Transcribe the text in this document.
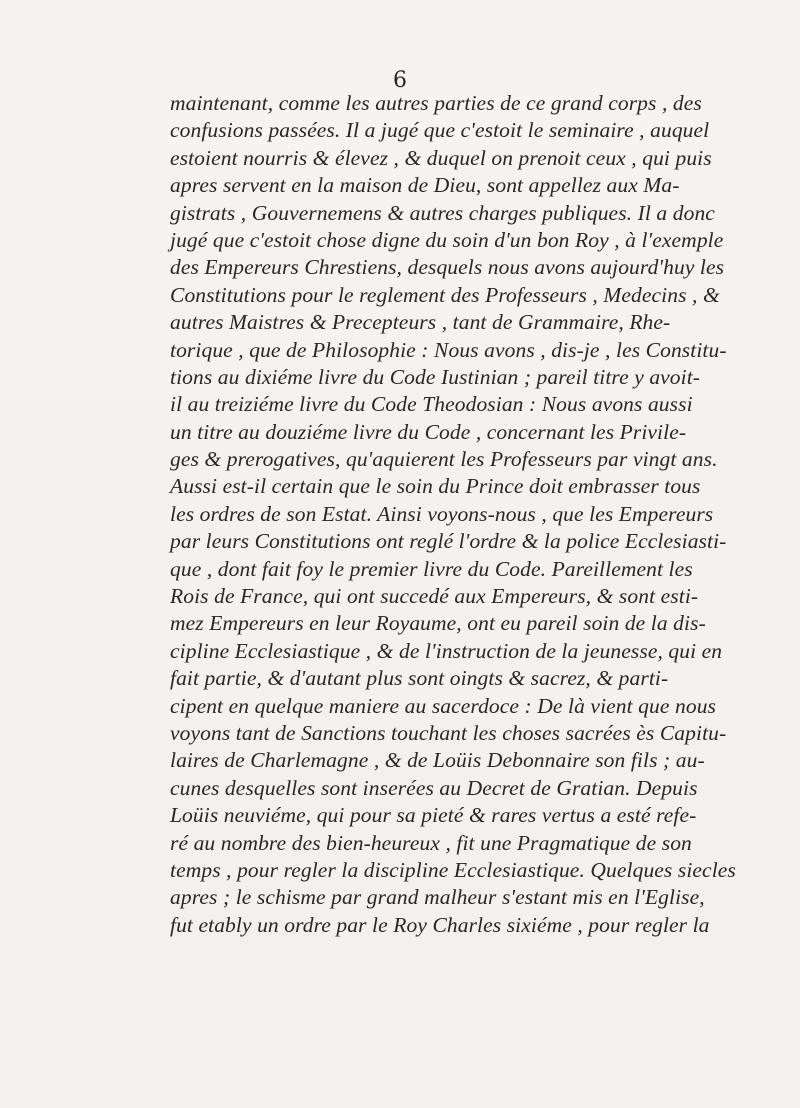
6
maintenant, comme les autres parties de ce grand corps , des
confusions passées. Il a jugé que c'estoit le seminaire , auquel
estoient nourris & élevez , & duquel on prenoit ceux , qui puis
apres servent en la maison de Dieu, sont appellez aux Ma-
gistrats , Gouvernemens & autres charges publiques. Il a donc
jugé que c'estoit chose digne du soin d'un bon Roy , à l'exemple
des Empereurs Chrestiens, desquels nous avons aujourd'huy les
Constitutions pour le reglement des Professeurs , Medecins , &
autres Maistres & Precepteurs , tant de Grammaire, Rhe-
torique , que de Philosophie : Nous avons , dis-je , les Constitu-
tions au dixiéme livre du Code Iustinian ; pareil titre y avoit-
il au treiziéme livre du Code Theodosian : Nous avons aussi
un titre au douziéme livre du Code , concernant les Privile-
ges & prerogatives, qu'aquierent les Professeurs par vingt ans.
Aussi est-il certain que le soin du Prince doit embrasser tous
les ordres de son Estat. Ainsi voyons-nous , que les Empereurs
par leurs Constitutions ont reglé l'ordre & la police Ecclesiasti-
que , dont fait foy le premier livre du Code. Pareillement les
Rois de France, qui ont succedé aux Empereurs, & sont esti-
mez Empereurs en leur Royaume, ont eu pareil soin de la dis-
cipline Ecclesiastique , & de l'instruction de la jeunesse, qui en
fait partie, & d'autant plus sont oingts & sacrez, & parti-
cipent en quelque maniere au sacerdoce : De là vient que nous
voyons tant de Sanctions touchant les choses sacrées ès Capitu-
laires de Charlemagne , & de Loüis Debonnaire son fils ; au-
cunes desquelles sont inserées au Decret de Gratian. Depuis
Loüis neuviéme, qui pour sa pieté & rares vertus a esté refe-
ré au nombre des bien-heureux , fit une Pragmatique de son
temps , pour regler la discipline Ecclesiastique. Quelques siecles
apres ; le schisme par grand malheur s'estant mis en l'Eglise,
fut etably un ordre par le Roy Charles sixiéme , pour regler la
